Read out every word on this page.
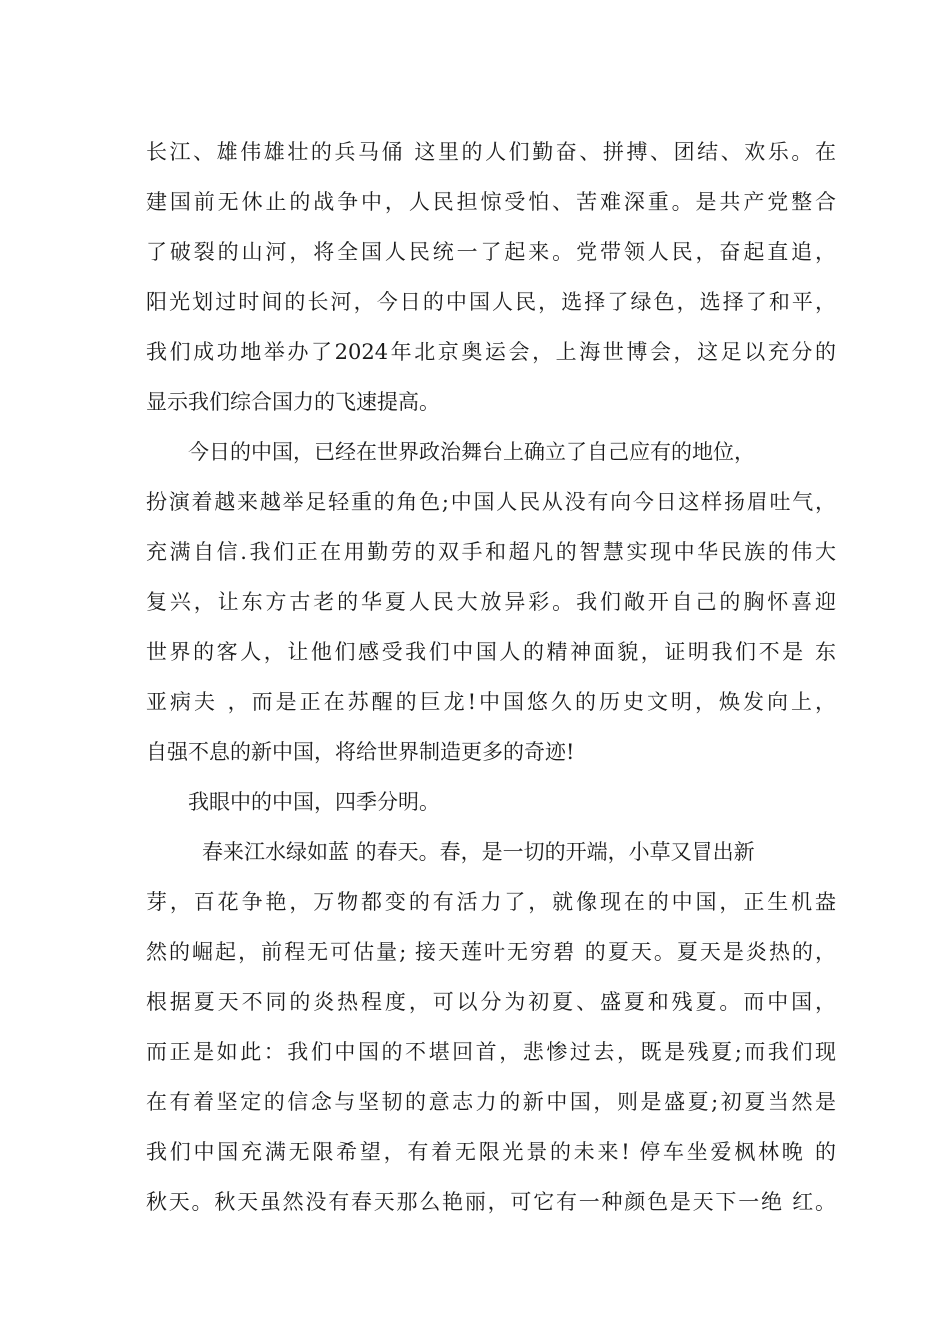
长江、雄伟雄壮的兵马俑 这里的人们勤奋、拼搏、团结、欢乐。在
建国前无休止的战争中，人民担惊受怕、苦难深重。是共产党整合
了破裂的山河，将全国人民统一了起来。党带领人民，奋起直追，
阳光划过时间的长河，今日的中国人民，选择了绿色，选择了和平，
我们成功地举办了2024年北京奥运会，上海世博会，这足以充分的
显示我们综合国力的飞速提高。
今日的中国，已经在世界政治舞台上确立了自己应有的地位，
扮演着越来越举足轻重的角色;中国人民从没有向今日这样扬眉吐气，
充满自信.我们正在用勤劳的双手和超凡的智慧实现中华民族的伟大
复兴，让东方古老的华夏人民大放异彩。我们敞开自己的胸怀喜迎
世界的客人，让他们感受我们中国人的精神面貌，证明我们不是 东
亚病夫 ，而是正在苏醒的巨龙!中国悠久的历史文明，焕发向上，
自强不息的新中国，将给世界制造更多的奇迹!
我眼中的中国，四季分明。
春来江水绿如蓝 的春天。春，是一切的开端，小草又冒出新
芽，百花争艳，万物都变的有活力了，就像现在的中国，正生机盎
然的崛起，前程无可估量; 接天莲叶无穷碧 的夏天。夏天是炎热的，
根据夏天不同的炎热程度，可以分为初夏、盛夏和残夏。而中国，
而正是如此：我们中国的不堪回首，悲惨过去，既是残夏;而我们现
在有着坚定的信念与坚韧的意志力的新中国，则是盛夏;初夏当然是
我们中国充满无限希望，有着无限光景的未来! 停车坐爱枫林晚 的
秋天。秋天虽然没有春天那么艳丽，可它有一种颜色是天下一绝 红。
